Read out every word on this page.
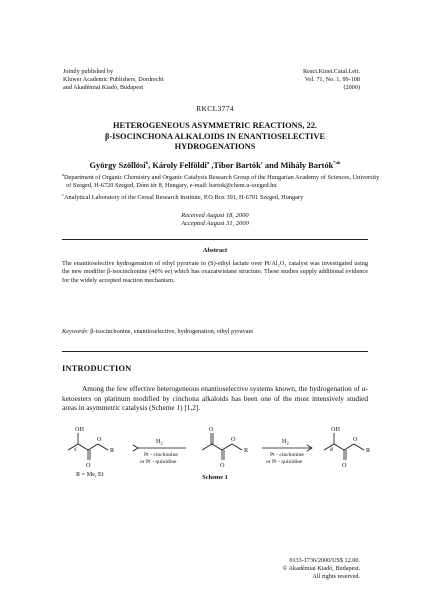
Jointly published by
Kluwer Academic Publishers, Dordrecht
and Akadémiai Kiadó, Budapest
React.Kinet.Catal.Lett.
Vol. 71, No. 1, 99-108
(2000)
RKCL3774
HETEROGENEOUS ASYMMETRIC REACTIONS, 22.
β-ISOCINCHONA ALKALOIDS IN ENANTIOSELECTIVE
HYDROGENATIONS
György Szöllösi$^b$, Károly Felföldi$^a$ ,Tibor Bartók$^c$ and Mihály Bartók$^{*ab}$
$^a$Department of Organic Chemistry and Organic Catalysis Research Group of the Hungarian Academy of Sciences, University of Szeged, H-6720 Szeged, Dóm tér 8, Hungary, e-mail: bartok@chem.u-szeged.hu
$^c$Analytical Laboratory of the Cereal Research Institute, P.O.Box 391, H-6701 Szeged, Hungary
Received August 18, 2000
Accepted August 31, 2000
Abstract
The enantioselective hydrogenation of ethyl pyruvate to (S)-ethyl lactate over Pt/Al₂O₃ catalyst was investigated using the new modifier β-isocinchonine (40% ee) which has oxazatwistane structure. These studies supply additional evidence for the widely accepted reaction mechanism.
Keywords: β-isocinchonine, enantioselective, hydrogenation, ethyl pyruvate
INTRODUCTION
Among the few effective heterogeneous enantioselective systems known, the hydrogenation of α-ketoesters on platinum modified by cinchona alkaloids has been one of the most intensively studied areas in asymmetric catalysis (Scheme 1) [1,2].
OH
S
O
R
O
R = Me, Et
$H_2$
Pt - cinchonine
or Pt - quinidine
O
O
R
O
$H_2$
Pt - cinchonine
or Pt - quinidine
OH
R
O
R
O
Scheme 1
0133-1736/2000/US$ 12.00.
© Akadémiai Kiadó, Budapest.
All rights reserved.
